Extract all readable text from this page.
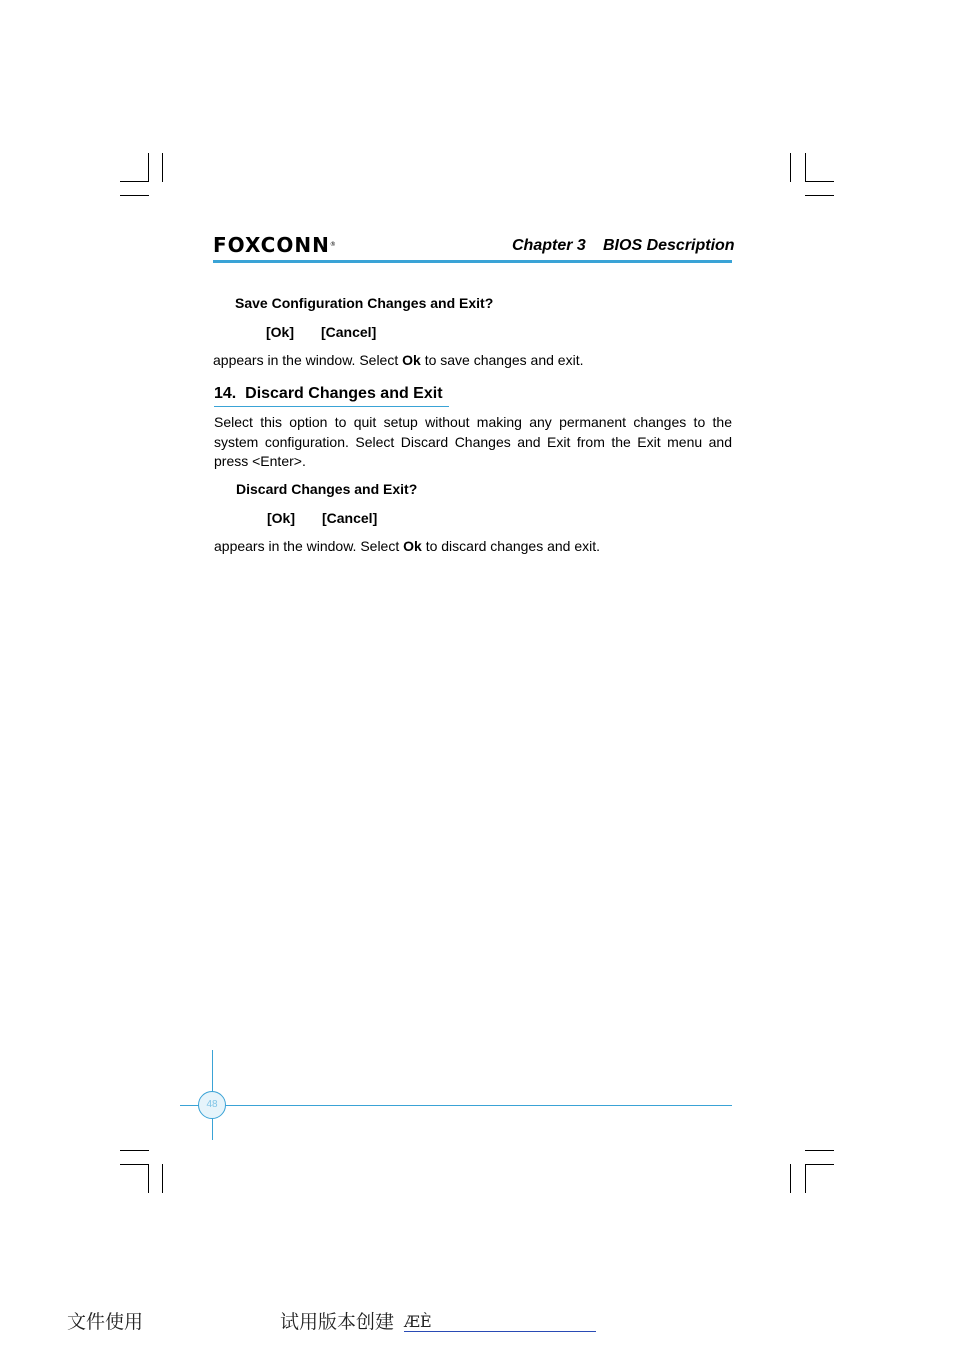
FOXCONN®	Chapter 3 BIOS Description
Save Configuration Changes and Exit?
[Ok] [Cancel]
appears in the window. Select Ok to save changes and exit.
14.  Discard Changes and Exit
Select this option to quit setup without making any permanent changes to the system configuration. Select Discard Changes and Exit from the Exit menu and press <Enter>.
Discard Changes and Exit?
[Ok] [Cancel]
appears in the window. Select Ok to discard changes and exit.
48
文件使用	试用版本创建 ÆÈ
